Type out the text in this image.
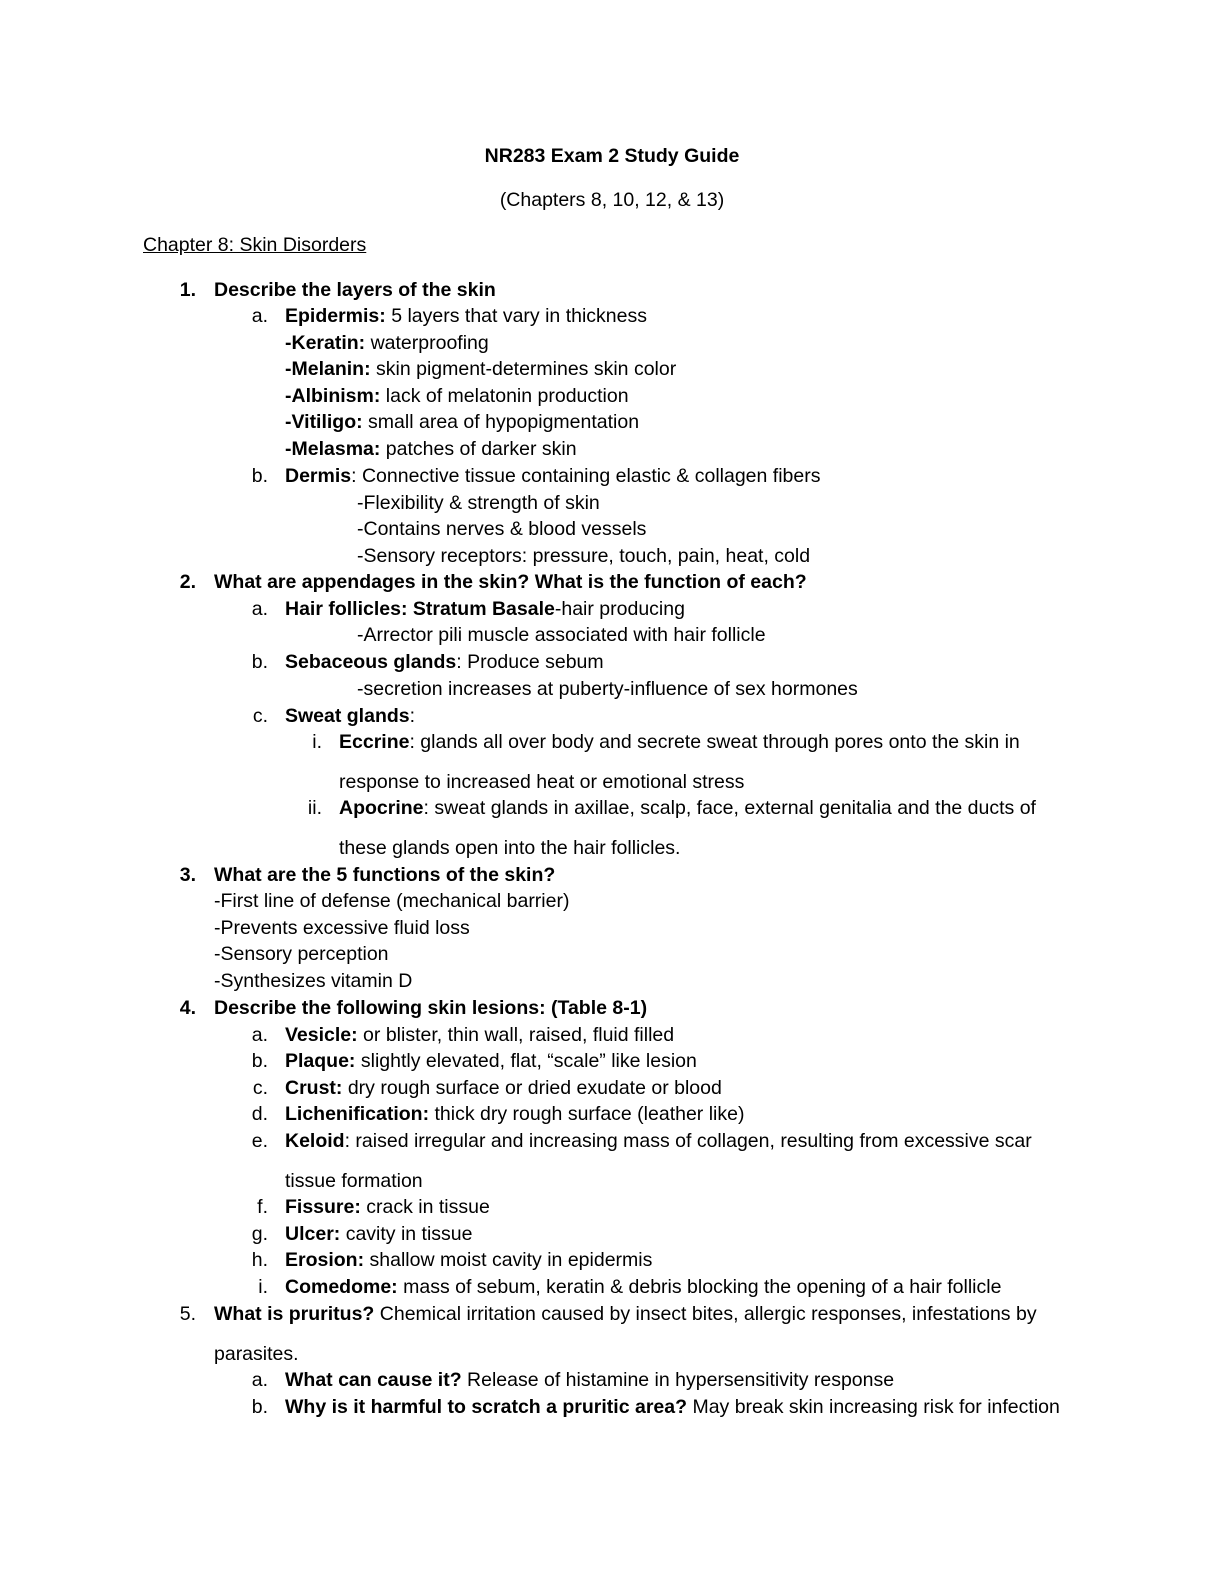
NR283 Exam 2 Study Guide
(Chapters 8, 10, 12, & 13)
Chapter 8: Skin Disorders
1. Describe the layers of the skin
a. Epidermis: 5 layers that vary in thickness
-Keratin: waterproofing
-Melanin: skin pigment-determines skin color
-Albinism: lack of melatonin production
-Vitiligo: small area of hypopigmentation
-Melasma: patches of darker skin
b. Dermis: Connective tissue containing elastic & collagen fibers
-Flexibility & strength of skin
-Contains nerves & blood vessels
-Sensory receptors: pressure, touch, pain, heat, cold
2. What are appendages in the skin? What is the function of each?
a. Hair follicles: Stratum Basale-hair producing
-Arrector pili muscle associated with hair follicle
b. Sebaceous glands: Produce sebum
-secretion increases at puberty-influence of sex hormones
c. Sweat glands:
i. Eccrine: glands all over body and secrete sweat through pores onto the skin in
response to increased heat or emotional stress
ii. Apocrine: sweat glands in axillae, scalp, face, external genitalia and the ducts of
these glands open into the hair follicles.
3. What are the 5 functions of the skin?
-First line of defense (mechanical barrier)
-Prevents excessive fluid loss
-Sensory perception
-Synthesizes vitamin D
4. Describe the following skin lesions: (Table 8-1)
a. Vesicle: or blister, thin wall, raised, fluid filled
b. Plaque: slightly elevated, flat, “scale” like lesion
c. Crust: dry rough surface or dried exudate or blood
d. Lichenification: thick dry rough surface (leather like)
e. Keloid: raised irregular and increasing mass of collagen, resulting from excessive scar
tissue formation
f. Fissure: crack in tissue
g. Ulcer: cavity in tissue
h. Erosion: shallow moist cavity in epidermis
i. Comedome: mass of sebum, keratin & debris blocking the opening of a hair follicle
5. What is pruritus? Chemical irritation caused by insect bites, allergic responses, infestations by
parasites.
a. What can cause it? Release of histamine in hypersensitivity response
b. Why is it harmful to scratch a pruritic area? May break skin increasing risk for infection
